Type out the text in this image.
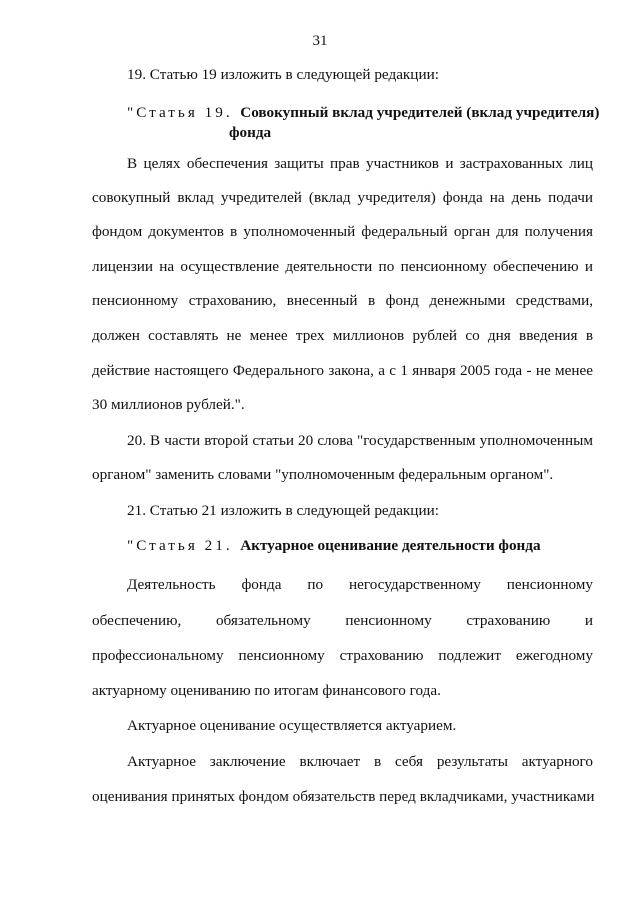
31
19. Статью 19 изложить в следующей редакции:
"Статья 19. Совокупный вклад учредителей (вклад учредителя)
фонда
В целях обеспечения защиты прав участников и застрахованных лиц
совокупный вклад учредителей (вклад учредителя) фонда на день подачи
фондом документов в уполномоченный федеральный орган для получения
лицензии на осуществление деятельности по пенсионному обеспечению и
пенсионному страхованию, внесенный в фонд денежными средствами,
должен составлять не менее трех миллионов рублей со дня введения в
действие настоящего Федерального закона, а с 1 января 2005 года - не менее
30 миллионов рублей.".
20. В части второй статьи 20 слова "государственным уполномоченным
органом" заменить словами "уполномоченным федеральным органом".
21. Статью 21 изложить в следующей редакции:
"Статья 21. Актуарное оценивание деятельности фонда
Деятельность фонда по негосударственному пенсионному
обеспечению, обязательному пенсионному страхованию и
профессиональному пенсионному страхованию подлежит ежегодному
актуарному оцениванию по итогам финансового года.
Актуарное оценивание осуществляется актуарием.
Актуарное заключение включает в себя результаты актуарного
оценивания принятых фондом обязательств перед вкладчиками, участниками
